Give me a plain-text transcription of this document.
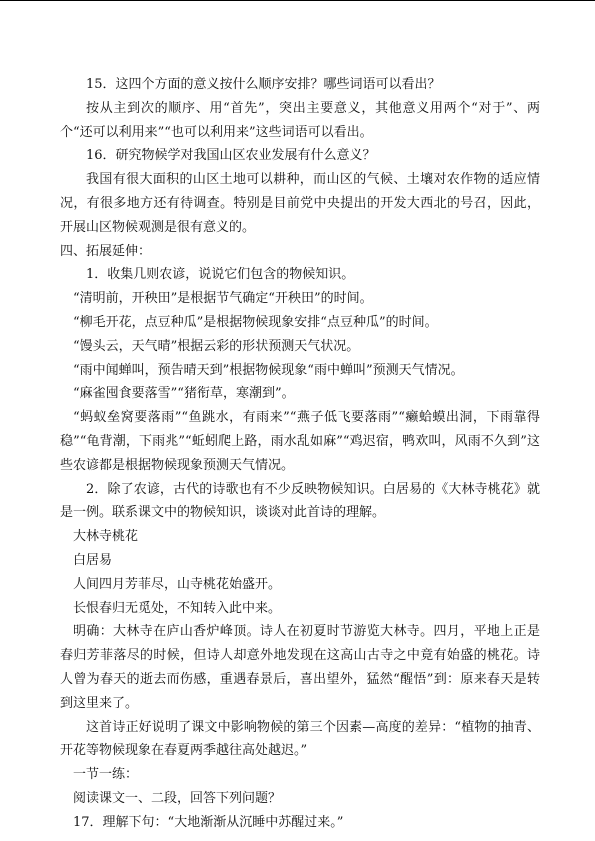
15．这四个方面的意义按什么顺序安排？哪些词语可以看出？

按从主到次的顺序、用“首先”，突出主要意义，其他意义用两个“对于”、两个“还可以利用来”“也可以利用来”这些词语可以看出。

16．研究物候学对我国山区农业发展有什么意义？

我国有很大面积的山区土地可以耕种，而山区的气候、土壤对农作物的适应情况，有很多地方还有待调查。特别是目前党中央提出的开发大西北的号召，因此，开展山区物候观测是很有意义的。

四、拓展延伸：

1．收集几则农谚，说说它们包含的物候知识。

“清明前，开秧田”是根据节气确定“开秧田”的时间。

“柳毛开花，点豆种瓜”是根据物候现象安排“点豆种瓜”的时间。

“馒头云，天气晴”根据云彩的形状预测天气状况。

“雨中闻蝉叫，预告晴天到”根据物候现象“雨中蝉叫”预测天气情况。

“麻雀囤食要落雪”“猪衔草，寒潮到”。

“蚂蚁垒窝要落雨”“鱼跳水，有雨来”“燕子低飞要落雨”“癞蛤蟆出洞，下雨靠得稳”“龟背潮，下雨兆”“蚯蚓爬上路，雨水乱如麻”“鸡迟宿，鸭欢叫，风雨不久到”这些农谚都是根据物候现象预测天气情况。

2．除了农谚，古代的诗歌也有不少反映物候知识。白居易的《大林寺桃花》就是一例。联系课文中的物候知识，谈谈对此首诗的理解。

大林寺桃花

白居易

人间四月芳菲尽，山寺桃花始盛开。

长恨春归无觅处，不知转入此中来。

明确：大林寺在庐山香炉峰顶。诗人在初夏时节游览大林寺。四月，平地上正是春归芳菲落尽的时候，但诗人却意外地发现在这高山古寺之中竟有始盛的桃花。诗人曾为春天的逝去而伤感，重遇春景后，喜出望外，猛然“醒悟”到：原来春天是转到这里来了。

这首诗正好说明了课文中影响物候的第三个因素—高度的差异：“植物的抽青、开花等物候现象在春夏两季越往高处越迟。”

一节一练：

阅读课文一、二段，回答下列问题？

17．理解下句：“大地渐渐从沉睡中苏醒过来。”
